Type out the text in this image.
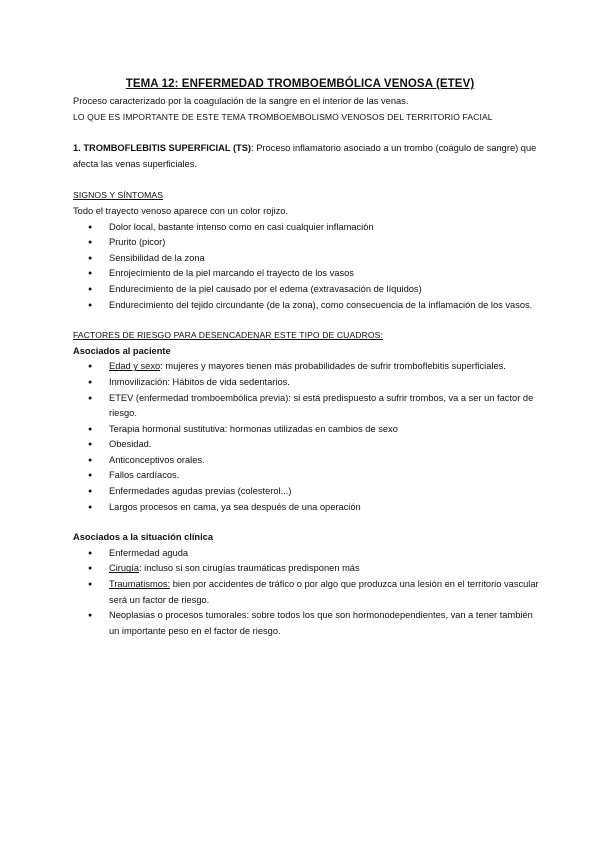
TEMA 12: ENFERMEDAD TROMBOEMBÓLICA VENOSA (ETEV)

Proceso caracterizado por la coagulación de la sangre en el interior de las venas.

LO QUE ES IMPORTANTE DE ESTE TEMA TROMBOEMBOLISMO VENOSOS DEL TERRITORIO FACIAL

1. TROMBOFLEBITIS SUPERFICIAL (TS): Proceso inflamatorio asociado a un trombo (coágulo de sangre) que afecta las venas superficiales.

SIGNOS Y SÍNTOMAS

Todo el trayecto venoso aparece con un color rojizo.

● Dolor local, bastante intenso como en casi cualquier inflamación
● Prurito (picor)
● Sensibilidad de la zona
● Enrojecimiento de la piel marcando el trayecto de los vasos
● Endurecimiento de la piel causado por el edema (extravasación de líquidos)
● Endurecimiento del tejido circundante (de la zona), como consecuencia de la inflamación de los vasos.

FACTORES DE RIESGO PARA DESENCADENAR ESTE TIPO DE CUADROS:

Asociados al paciente

● Edad y sexo: mujeres y mayores tienen más probabilidades de sufrir tromboflebitis superficiales.
● Inmovilización: Hábitos de vida sedentarios.
● ETEV (enfermedad tromboembólica previa): si está predispuesto a sufrir trombos, va a ser un factor de riesgo.
● Terapia hormonal sustitutiva: hormonas utilizadas en cambios de sexo
● Obesidad.
● Anticonceptivos orales.
● Fallos cardíacos.
● Enfermedades agudas previas (colesterol...)
● Largos procesos en cama, ya sea después de una operación

Asociados a la situación clínica

● Enfermedad aguda
● Cirugía: incluso si son cirugías traumáticas predisponen más
● Traumatismos: bien por accidentes de tráfico o por algo que produzca una lesión en el territorio vascular será un factor de riesgo.
● Neoplasias o procesos tumorales: sobre todos los que son hormonodependientes, van a tener también un importante peso en el factor de riesgo.
